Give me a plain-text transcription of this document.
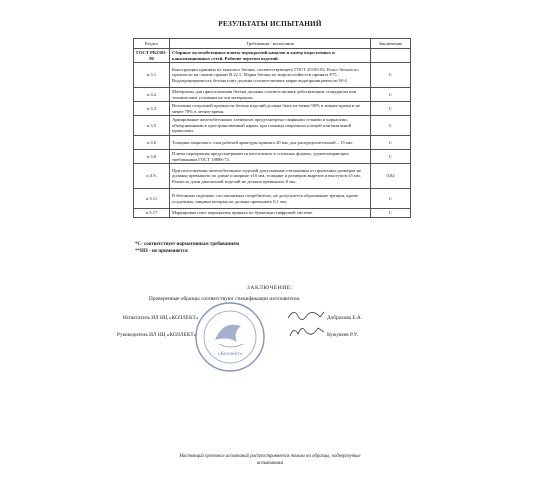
РЕЗУЛЬТАТЫ ИСПЫТАНИЙ
Раздел	Требования / испытания	Заключение
ГОСТ РК2305-86	Сборные железобетонные плиты перекрытий каналов и камер водосточных и канализационных сетей. Рабочие чертежи изделий.	
п.3.1	Конструкции приняты из тяжелого бетона, соответствующего ГОСТ 25192-82. Класс бетона по прочности на сжатие принят В 22,5. Марка бетона по морозостойкости принята F75. Водопроницаемость бетона плит должна соответствовать марке водопроницаемости W-4.	С
п.3.2	Материалы для приготовления бетона должны соответствовать действующим стандартам или техническим условиям на эти материалы.	С
п.3.3	Величина отпускной прочности бетона изделий должна быть не менее 90% в зимнее время и не менее 70% в летнее время.	С
п.3.5	Армирование железобетонных элементов предусмотрено сварными сетками и каркасами, объединенными в пространственный каркас при помощи сварочных клещей или вязальной проволоки.	С
п.3.6	Толщина защитного слоя рабочей арматуры принята 20 мм, для распределительной – 15 мм.	С
п.3.8	Плиты перекрытия предусматривается изготовлять в стальных формах, удовлетворяющих требованиям ГОСТ 18886-73.	С
п.3.9.	При изготовлении железобетонных изделий допускаемые отклонения от проектных размеров не должны превышать по длине и ширине ±10 мм, толщине и размерам вырезов и выступов ±5 мм. Разность длин диагоналей изделий не должна превышать 8 мм.	0,02
п.3.11	В бетонных изделиях, поставляемых потребителю, не допускается образование трещин, кроме усадочных, ширина которых не должна превышать 0,1 мм.	С
п.3.17	Маркировка плит перекрытия принята по буквально-цифровой системе.	С
*С- соответствует нормативным требованиям
**НП - не применяется
ЗАКЛЮЧЕНИЕ:
Проверенные образцы соответствуют спецификации изготовителя.
«Коллект»
Испытатель ИЛ НЦ «КОЛЛЕКТ»	Доброхова Е.А.
Руководитель ИЛ НЦ «КОЛЛЕКТ»	Кужукеев Р.У.
Настоящий протокол испытаний распространяется только на образцы, подвергнутые
испытаниям
